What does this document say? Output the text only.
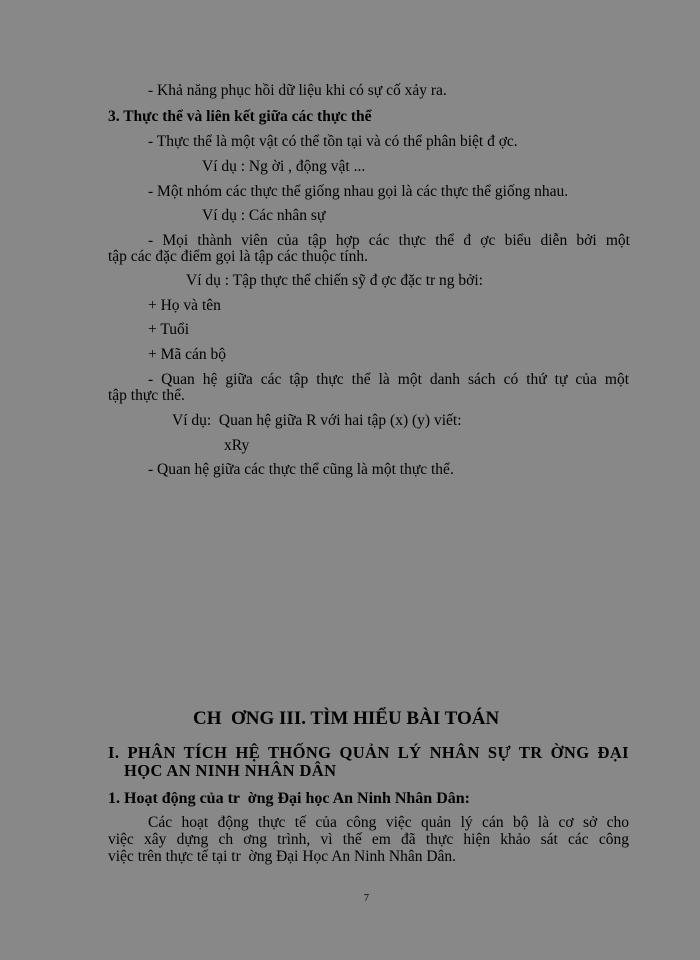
- Khả năng phục hồi dữ liệu khi có sự cố xảy ra.
3. Thực thể và liên kết giữa các thực thể
- Thực thể là một vật có thể tồn tại và có thể phân biệt đ ợc.
Ví dụ : Ng ời , động vật ...
- Một nhóm các thực thể giống nhau gọi là các thực thể giống nhau.
Ví dụ : Các nhân sự
- Mọi thành viên của tập hợp các thực thể đ ợc biểu diễn bởi một
tập các đặc điểm gọi là tập các thuộc tính.
Ví dụ : Tập thực thể chiến sỹ đ ợc đặc tr ng bởi:
+ Họ và tên
+ Tuổi
+ Mã cán bộ
- Quan hệ giữa các tập thực thể là một danh sách có thứ tự của một
tập thực thể.
Ví dụ:  Quan hệ giữa R với hai tập (x) (y) viết:
xRy
- Quan hệ giữa các thực thể cũng là một thực thể.
CH  ƠNG III. TÌM HIỂU BÀI TOÁN
I. PHÂN TÍCH HỆ THỐNG QUẢN LÝ NHÂN SỰ TR ỜNG ĐẠI
HỌC AN NINH NHÂN DÂN
1. Hoạt động của tr  ờng Đại học An Ninh Nhân Dân:
Các hoạt động thực tế của công việc quản lý cán bộ là cơ sở cho
việc xây dựng ch ơng trình, vì thế em đã thực hiện khảo sát các công
việc trên thực tế tại tr  ờng Đại Học An Ninh Nhân Dân.
7
